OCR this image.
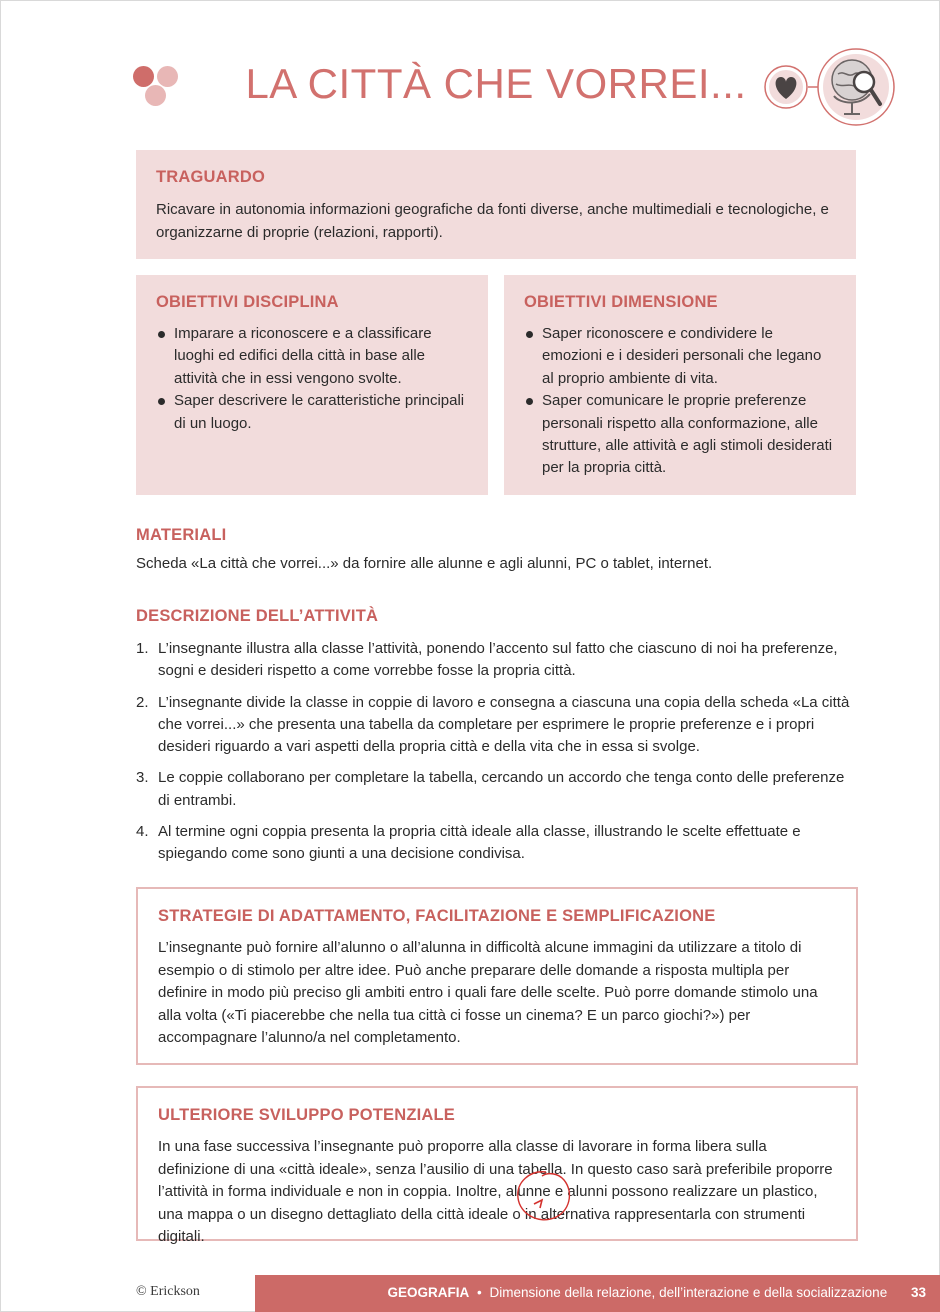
LA CITTÀ CHE VORREI...
TRAGUARDO

Ricavare in autonomia informazioni geografiche da fonti diverse, anche multimediali e tecnologiche, e organizzarne di proprie (relazioni, rapporti).

OBIETTIVI DISCIPLINA
Imparare a riconoscere e a classificare luoghi ed edifici della città in base alle attività che in essi vengono svolte.
Saper descrivere le caratteristiche principali di un luogo.
OBIETTIVI DIMENSIONE
Saper riconoscere e condividere le emozioni e i desideri personali che legano al proprio ambiente di vita.
Saper comunicare le proprie preferenze personali rispetto alla conformazione, alle strutture, alle attività e agli stimoli desiderati per la propria città.
MATERIALI

Scheda «La città che vorrei...» da fornire alle alunne e agli alunni, PC o tablet, internet.

DESCRIZIONE DELL’ATTIVITÀ
1. L’insegnante illustra alla classe l’attività, ponendo l’accento sul fatto che ciascuno di noi ha preferenze, sogni e desideri rispetto a come vorrebbe fosse la propria città.
2. L’insegnante divide la classe in coppie di lavoro e consegna a ciascuna una copia della scheda «La città che vorrei...» che presenta una tabella da completare per esprimere le proprie preferenze e i propri desideri riguardo a vari aspetti della propria città e della vita che in essa si svolge.
3. Le coppie collaborano per completare la tabella, cercando un accordo che tenga conto delle preferenze di entrambi.
4. Al termine ogni coppia presenta la propria città ideale alla classe, illustrando le scelte effettuate e spiegando come sono giunti a una decisione condivisa.
STRATEGIE DI ADATTAMENTO, FACILITAZIONE E SEMPLIFICAZIONE

L’insegnante può fornire all’alunno o all’alunna in difficoltà alcune immagini da utilizzare a titolo di esempio o di stimolo per altre idee. Può anche preparare delle domande a risposta multipla per definire in modo più preciso gli ambiti entro i quali fare delle scelte. Può porre domande stimolo una alla volta («Ti piacerebbe che nella tua città ci fosse un cinema? E un parco giochi?») per accompagnare l’alunno/a nel completamento.

ULTERIORE SVILUPPO POTENZIALE

In una fase successiva l’insegnante può proporre alla classe di lavorare in forma libera sulla definizione di una «città ideale», senza l’ausilio di una tabella. In questo caso sarà preferibile proporre l’attività in forma individuale e non in coppia. Inoltre, alunne e alunni possono realizzare un plastico, una mappa o un disegno dettagliato della città ideale o in alternativa rappresentarla con strumenti digitali.

© Erickson	GEOGRAFIA • Dimensione della relazione, dell’interazione e della socializzazione 33
